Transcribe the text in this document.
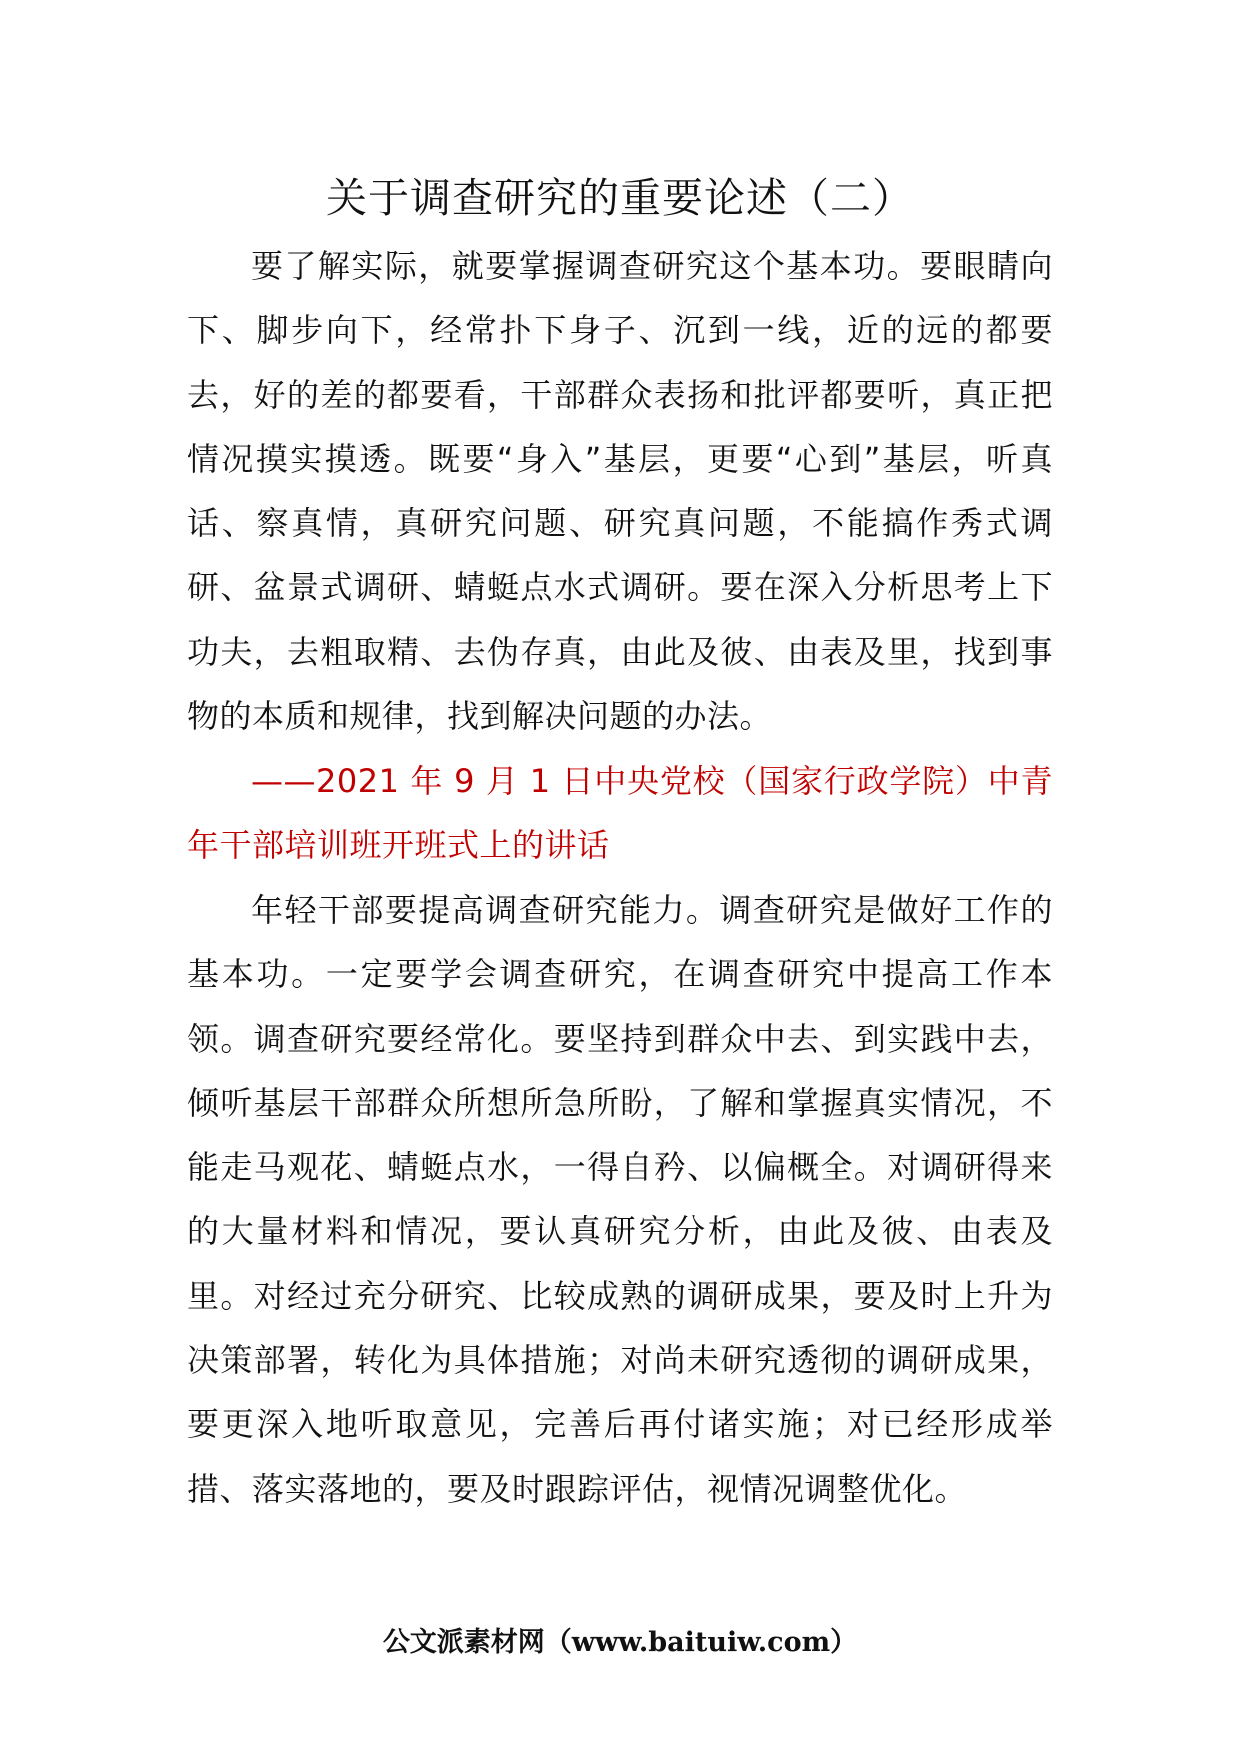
关于调查研究的重要论述（二）

要了解实际，就要掌握调查研究这个基本功。要眼睛向下、脚步向下，经常扑下身子、沉到一线，近的远的都要去，好的差的都要看，干部群众表扬和批评都要听，真正把情况摸实摸透。既要“身入”基层，更要“心到”基层，听真话、察真情，真研究问题、研究真问题，不能搞作秀式调研、盆景式调研、蜻蜓点水式调研。要在深入分析思考上下功夫，去粗取精、去伪存真，由此及彼、由表及里，找到事物的本质和规律，找到解决问题的办法。

——2021 年 9 月 1 日中央党校（国家行政学院）中青年干部培训班开班式上的讲话

年轻干部要提高调查研究能力。调查研究是做好工作的基本功。一定要学会调查研究，在调查研究中提高工作本领。调查研究要经常化。要坚持到群众中去、到实践中去，倾听基层干部群众所想所急所盼，了解和掌握真实情况，不能走马观花、蜻蜓点水，一得自矜、以偏概全。对调研得来的大量材料和情况，要认真研究分析，由此及彼、由表及里。对经过充分研究、比较成熟的调研成果，要及时上升为决策部署，转化为具体措施；对尚未研究透彻的调研成果，要更深入地听取意见，完善后再付诸实施；对已经形成举措、落实落地的，要及时跟踪评估，视情况调整优化。

公文派素材网（www.baituiw.com）
